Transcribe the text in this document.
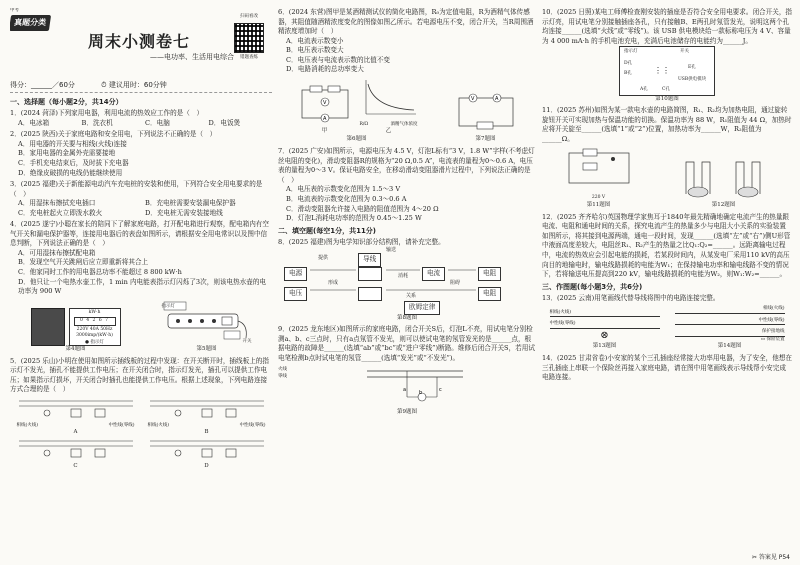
中考
真题分类
周末小测卷七
——电功率、生活用电综合
扫码看改
错题查练
得分：______／60分	⏱ 建议用时：60分钟
一、选择题（每小题2分，共14分）
1．(2024 菏泽)下列家用电器，利用电流的热效应工作的是（　）
A．电冰箱	B．洗衣机	C．电脑	D．电饭煲
2．(2025 陕西)关于家庭电路和安全用电，下列说法不正确的是（　）
A．用电器的开关要与相线(火线)连接
B．家用电器的金属外壳需要接地
C．手机充电结束后，及时拔下充电器
D．绝缘皮破损的电线仍能继续使用
3．(2025 福建)关于新能源电动汽车充电桩的安装和使用，下列符合安全用电要求的是（　）
A．用湿抹布擦拭充电插口	B．充电桩需要安装漏电保护器
C．充电桩起火立即泼水救火	D．充电桩无需安装接地线
4．(2025 遂宁)小聪在家长的陪同下了解家庭电路，打开配电箱进行观察，配电箱内有空气开关和漏电保护器等，连接用电器后的表盘如图所示，请根据安全用电常识以及图中信息判断，下列说法正确的是（　）
A．可用湿抹布擦拭配电箱
B．发现空气开关跳闸后应立即重新将其合上
C．他家同时工作的用电器总功率不能超过 8 800 kW·h
D．他只让一个电热水壶工作，1 min 内电能表指示灯闪烁了3次，则该电热水壶的电功率为 900 W
kW·h
0 4 2 6 7
220V 40A 50Hz
3000imp/(kW·h)
● 指示灯
第4题图
指示灯
开关
第5题图
5．(2025 乐山)小明在使用如图所示插线板的过程中发现：在开关断开时，插线板上的指示灯不发光，插孔不能提供工作电压；在开关闭合时，指示灯发光，插孔可以提供工作电压；如果指示灯损坏，开关闭合时插孔也能提供工作电压。根据上述现象，下列电路连接方式合理的是（　）
相线(火线)	中性线(零线)
A
相线(火线)	中性线(零线)
B
C	D
6．(2024 东营)图甲是某酒精测试仪的简化电路图，R₀为定值电阻，R为酒精气体传感器，其阻值随酒精浓度变化的图像如图乙所示。若电源电压不变，闭合开关，当R周围酒精浓度增加时（　）
A．电流表示数变小
B．电压表示数变大
C．电压表与电流表示数的比值不变
D．电路消耗的总功率变大
A
V
甲
R/Ω	酒精气体浓度
乙
第6题图
V	A
第7题图
7．(2025 广安)如图所示，电源电压为 4.5 V，灯泡L标有“3 V，1.8 W”字样(不考虑灯丝电阻的变化)，滑动变阻器R的规格为“20 Ω,0.5 A”，电流表的量程为0～0.6 A，电压表的量程为0～3 V。保证电路安全，在移动滑动变阻器滑片过程中，下列说法正确的是（　）
A．电压表的示数变化范围为 1.5～3 V
B．电流表的示数变化范围为 0.3～0.6 A
C．滑动变阻器允许接入电路的阻值范围为 4～20 Ω
D．灯泡L消耗电功率的范围为 0.45～1.25 W
二、填空题(每空1分，共11分)
8．(2025 福建)图为电学知识部分结构图，请补充完整。
电源
导线

电流	电阻
电压
	电阻
欧姆定律
提供
输送
形成	阻碍
关系
消耗
第8题图
9．(2025 龙东地区)如图所示的家庭电路，闭合开关S后，灯泡L不亮，用试电笔分别检测a、b、c三点时，只有a点氖管不发光，则可以使试电笔的氖管发光的是______点，根据电路的故障是______(选填“ab”或“bc”或“进户零线”)断路。维修后闭合开关S，若用试电笔检测b点时试电笔的氖管______(选填“发光”或“不发光”)。
a	b	c
火线
零线
第9题图
10．(2025 日照)某电工师傅检查刚安装的插座是否符合安全用电要求。闭合开关，指示灯亮，用试电笔分别接触插座各孔，只有接触B、E两孔时氖管发光，说明这两个孔均连接______(选填“火线”或“零线”)。该 USB 供电模块给一款标称电压为 4 V、容量为 4 000 mA·h 的手机电池充电，充满后电池储存的电能约为______J。
指示灯	开关
D孔
B孔
E孔
A孔	C孔
USB供电模块
⋮⋮
第10题图
11．(2025 苏州)如图为某一款电水壶的电路简图，R₁、R₂均为加热电阻，通过旋转旋钮开关可实现加热与保温功能的切换。保温功率为 88 W，R₁阻值为 44 Ω，加热时应将开关旋至______(选填“1”或“2”)位置，加热功率为______W，R₂阻值为______Ω。
220 V
第11题图	第12题图
12．(2025 齐齐哈尔)英国物理学家焦耳于1840年最先精确地确定电流产生的热量跟电流、电阻和通电时间的关系，探究电流产生的热量多少与电阻大小关系的实验装置如图所示，将其接到电源两端，通电一段时间，发现______(选填“左”或“右”)侧U形管中液面高度差较大，电阻丝R₁、R₂产生的热量之比Q₁:Q₂=______。远距离输电过程中，电流的热效应会引起电能的损耗，若某段时间内，从某发电厂采用110 kV的高压向目的地输电时，输电线路损耗的电能为W₁；在保持输电功率和输电线路不变的情况下，若将输送电压提高到220 kV，输电线路损耗的电能为W₂，则W₁:W₂=______。
三、作图题(每小题3分，共6分)
13．(2025 云南)用笔画线代替导线将图中的电路连接完整。
相线(火线)
中性线(零线)
⊗
第13题图
相线(火线)
中性线(零线)
保护接地线
▭ 保险装置
第14题图
14．(2025 甘肃省卷)小安家的某个三孔插座经常接大功率用电器，为了安全，他想在三孔插座上串联一个保险丝再接入家庭电路，请在图中用笔画线表示导线帮小安完成电路连接。
✂ 答案见 P54
